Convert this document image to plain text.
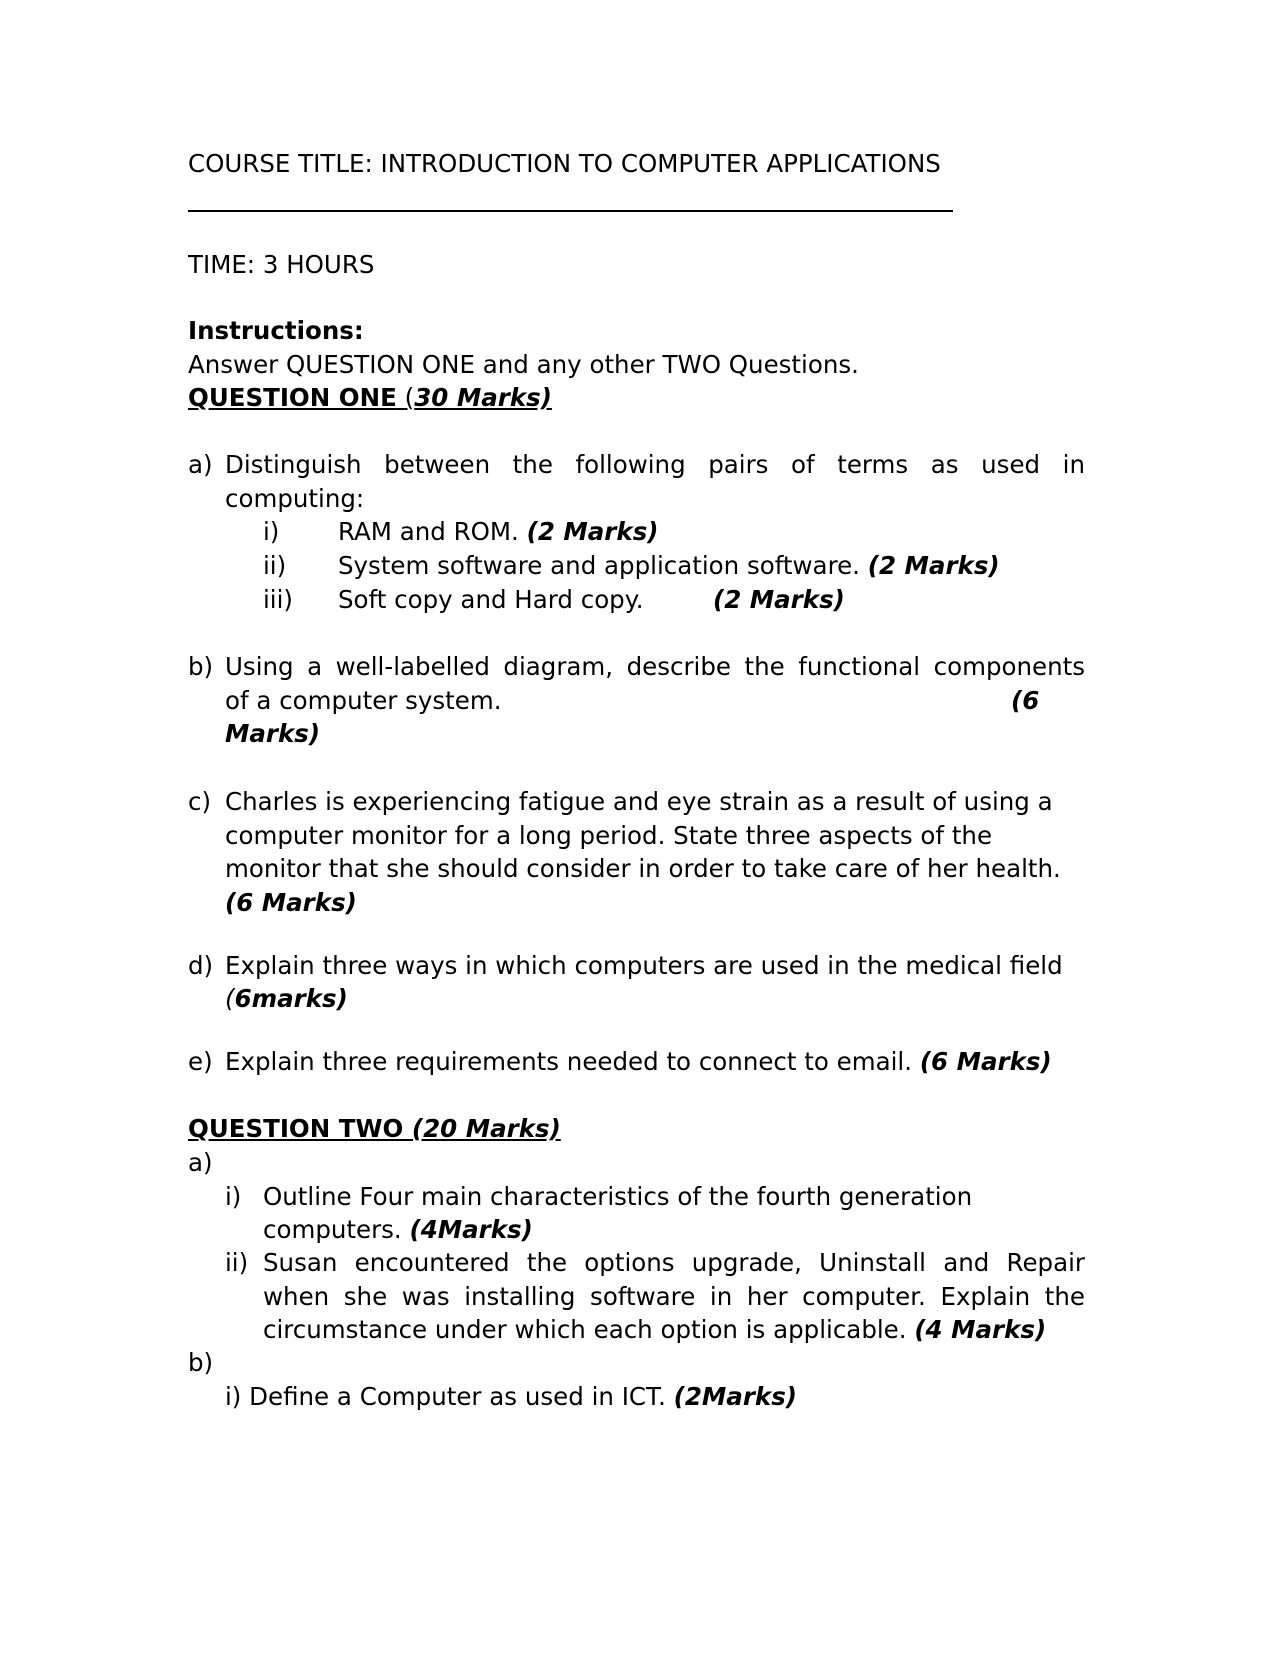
COURSE TITLE: INTRODUCTION TO COMPUTER APPLICATIONS
TIME: 3 HOURS
Instructions:
Answer QUESTION ONE and any other TWO Questions.
QUESTION ONE (30 Marks)
a) Distinguish between the following pairs of terms as used in
computing:
i) RAM and ROM. (2 Marks)
ii) System software and application software. (2 Marks)
iii) Soft copy and Hard copy.	(2 Marks)
b) Using a well-labelled diagram, describe the functional components
of a computer system.	(6
Marks)
c) Charles is experiencing fatigue and eye strain as a result of using a
computer monitor for a long period. State three aspects of the
monitor that she should consider in order to take care of her health.
(6 Marks)
d) Explain three ways in which computers are used in the medical field
(6marks)
e) Explain three requirements needed to connect to email. (6 Marks)
QUESTION TWO (20 Marks)
a)
i) Outline Four main characteristics of the fourth generation
computers. (4Marks)
ii) Susan encountered the options upgrade, Uninstall and Repair
when she was installing software in her computer. Explain the
circumstance under which each option is applicable. (4 Marks)
b)
i) Define a Computer as used in ICT. (2Marks)
